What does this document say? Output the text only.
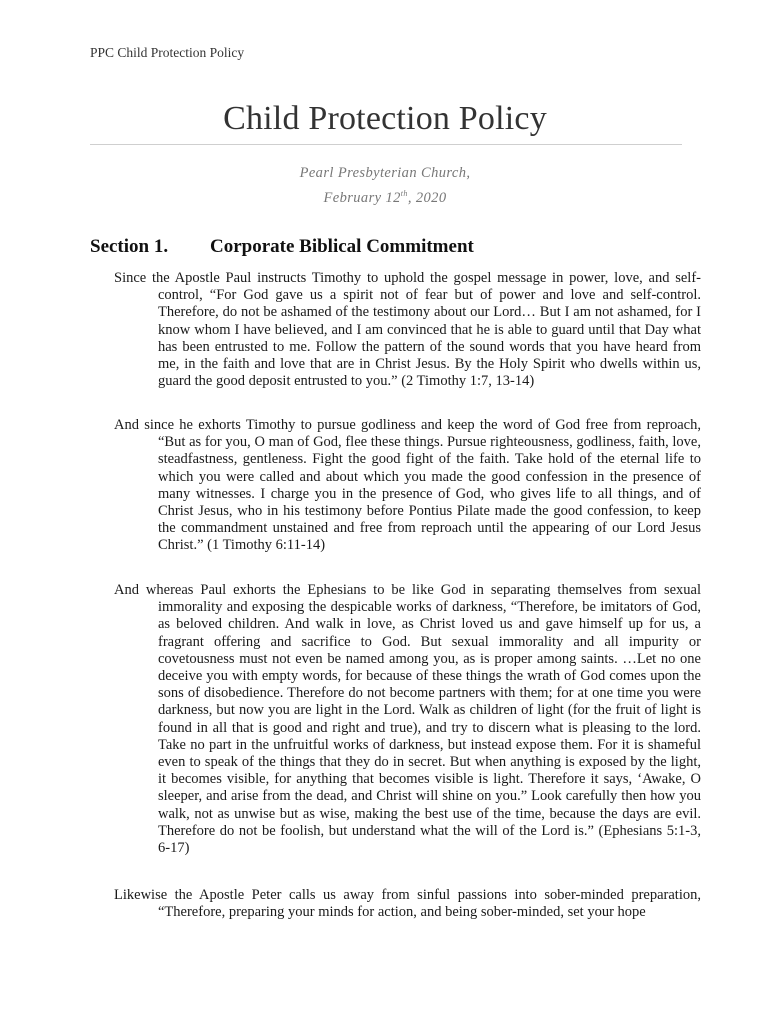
PPC Child Protection Policy
Child Protection Policy
Pearl Presbyterian Church,
February 12th, 2020
Section 1. Corporate Biblical Commitment

Since the Apostle Paul instructs Timothy to uphold the gospel message in power, love, and self-control, “For God gave us a spirit not of fear but of power and love and self-control. Therefore, do not be ashamed of the testimony about our Lord… But I am not ashamed, for I know whom I have believed, and I am convinced that he is able to guard until that Day what has been entrusted to me. Follow the pattern of the sound words that you have heard from me, in the faith and love that are in Christ Jesus. By the Holy Spirit who dwells within us, guard the good deposit entrusted to you.” (2 Timothy 1:7, 13-14)

And since he exhorts Timothy to pursue godliness and keep the word of God free from reproach, “But as for you, O man of God, flee these things. Pursue righteousness, godliness, faith, love, steadfastness, gentleness. Fight the good fight of the faith. Take hold of the eternal life to which you were called and about which you made the good confession in the presence of many witnesses. I charge you in the presence of God, who gives life to all things, and of Christ Jesus, who in his testimony before Pontius Pilate made the good confession, to keep the commandment unstained and free from reproach until the appearing of our Lord Jesus Christ.” (1 Timothy 6:11-14)

And whereas Paul exhorts the Ephesians to be like God in separating themselves from sexual immorality and exposing the despicable works of darkness, “Therefore, be imitators of God, as beloved children. And walk in love, as Christ loved us and gave himself up for us, a fragrant offering and sacrifice to God. But sexual immorality and all impurity or covetousness must not even be named among you, as is proper among saints. …Let no one deceive you with empty words, for because of these things the wrath of God comes upon the sons of disobedience. Therefore do not become partners with them; for at one time you were darkness, but now you are light in the Lord. Walk as children of light (for the fruit of light is found in all that is good and right and true), and try to discern what is pleasing to the lord. Take no part in the unfruitful works of darkness, but instead expose them. For it is shameful even to speak of the things that they do in secret. But when anything is exposed by the light, it becomes visible, for anything that becomes visible is light. Therefore it says, ‘Awake, O sleeper, and arise from the dead, and Christ will shine on you.” Look carefully then how you walk, not as unwise but as wise, making the best use of the time, because the days are evil. Therefore do not be foolish, but understand what the will of the Lord is.” (Ephesians 5:1-3, 6-17)

Likewise the Apostle Peter calls us away from sinful passions into sober-minded preparation, “Therefore, preparing your minds for action, and being sober-minded, set your hope
